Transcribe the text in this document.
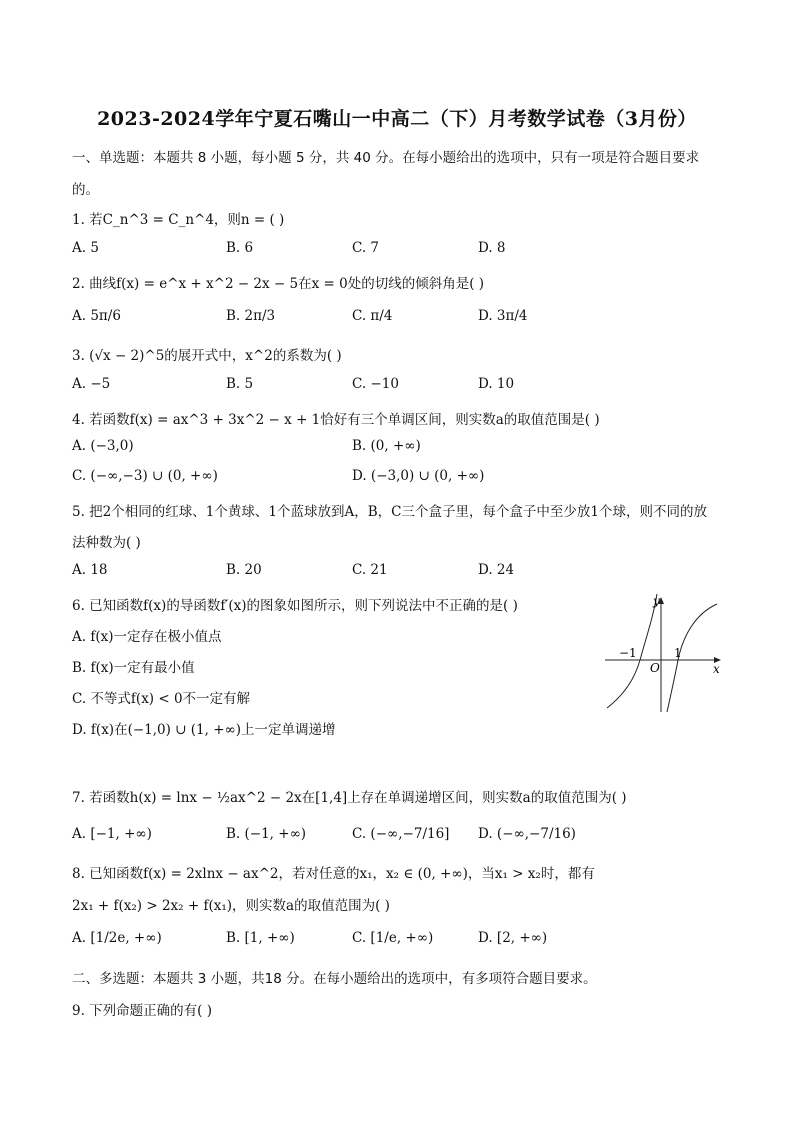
2023-2024学年宁夏石嘴山一中高二（下）月考数学试卷（3月份）
一、单选题：本题共 8 小题，每小题 5 分，共 40 分。在每小题给出的选项中，只有一项是符合题目要求
的。
1. 若C_n^3 = C_n^4，则n = ( )
A. 5	B. 6	C. 7	D. 8
2. 曲线f(x) = e^x + x^2 − 2x − 5在x = 0处的切线的倾斜角是( )
A. 5π/6	B. 2π/3	C. π/4	D. 3π/4
3. (√x − 2)^5的展开式中，x^2的系数为( )
A. −5	B. 5	C. −10	D. 10
4. 若函数f(x) = ax^3 + 3x^2 − x + 1恰好有三个单调区间，则实数a的取值范围是( )
A. (−3,0)	B. (0, +∞)
C. (−∞,−3) ∪ (0, +∞)	D. (−3,0) ∪ (0, +∞)
5. 把2个相同的红球、1个黄球、1个蓝球放到A，B，C三个盒子里，每个盒子中至少放1个球，则不同的放
法种数为( )
A. 18	B. 20	C. 21	D. 24
6. 已知函数f(x)的导函数f′(x)的图象如图所示，则下列说法中不正确的是( )
A. f(x)一定存在极小值点
B. f(x)一定有最小值
C. 不等式f(x) < 0不一定有解
D. f(x)在(−1,0) ∪ (1, +∞)上一定单调递增
y
x
O
−1	1
7. 若函数h(x) = lnx − ½ax^2 − 2x在[1,4]上存在单调递增区间，则实数a的取值范围为( )
A. [−1, +∞)	B. (−1, +∞)	C. (−∞,−7/16] D. (−∞,−7/16)
8. 已知函数f(x) = 2xlnx − ax^2，若对任意的x₁，x₂ ∈ (0, +∞)，当x₁ > x₂时，都有
2x₁ + f(x₂) > 2x₂ + f(x₁)，则实数a的取值范围为( )
A. [1/2e, +∞)	B. [1, +∞)	C. [1/e, +∞)	D. [2, +∞)
二、多选题：本题共 3 小题，共18 分。在每小题给出的选项中，有多项符合题目要求。
9. 下列命题正确的有( )
